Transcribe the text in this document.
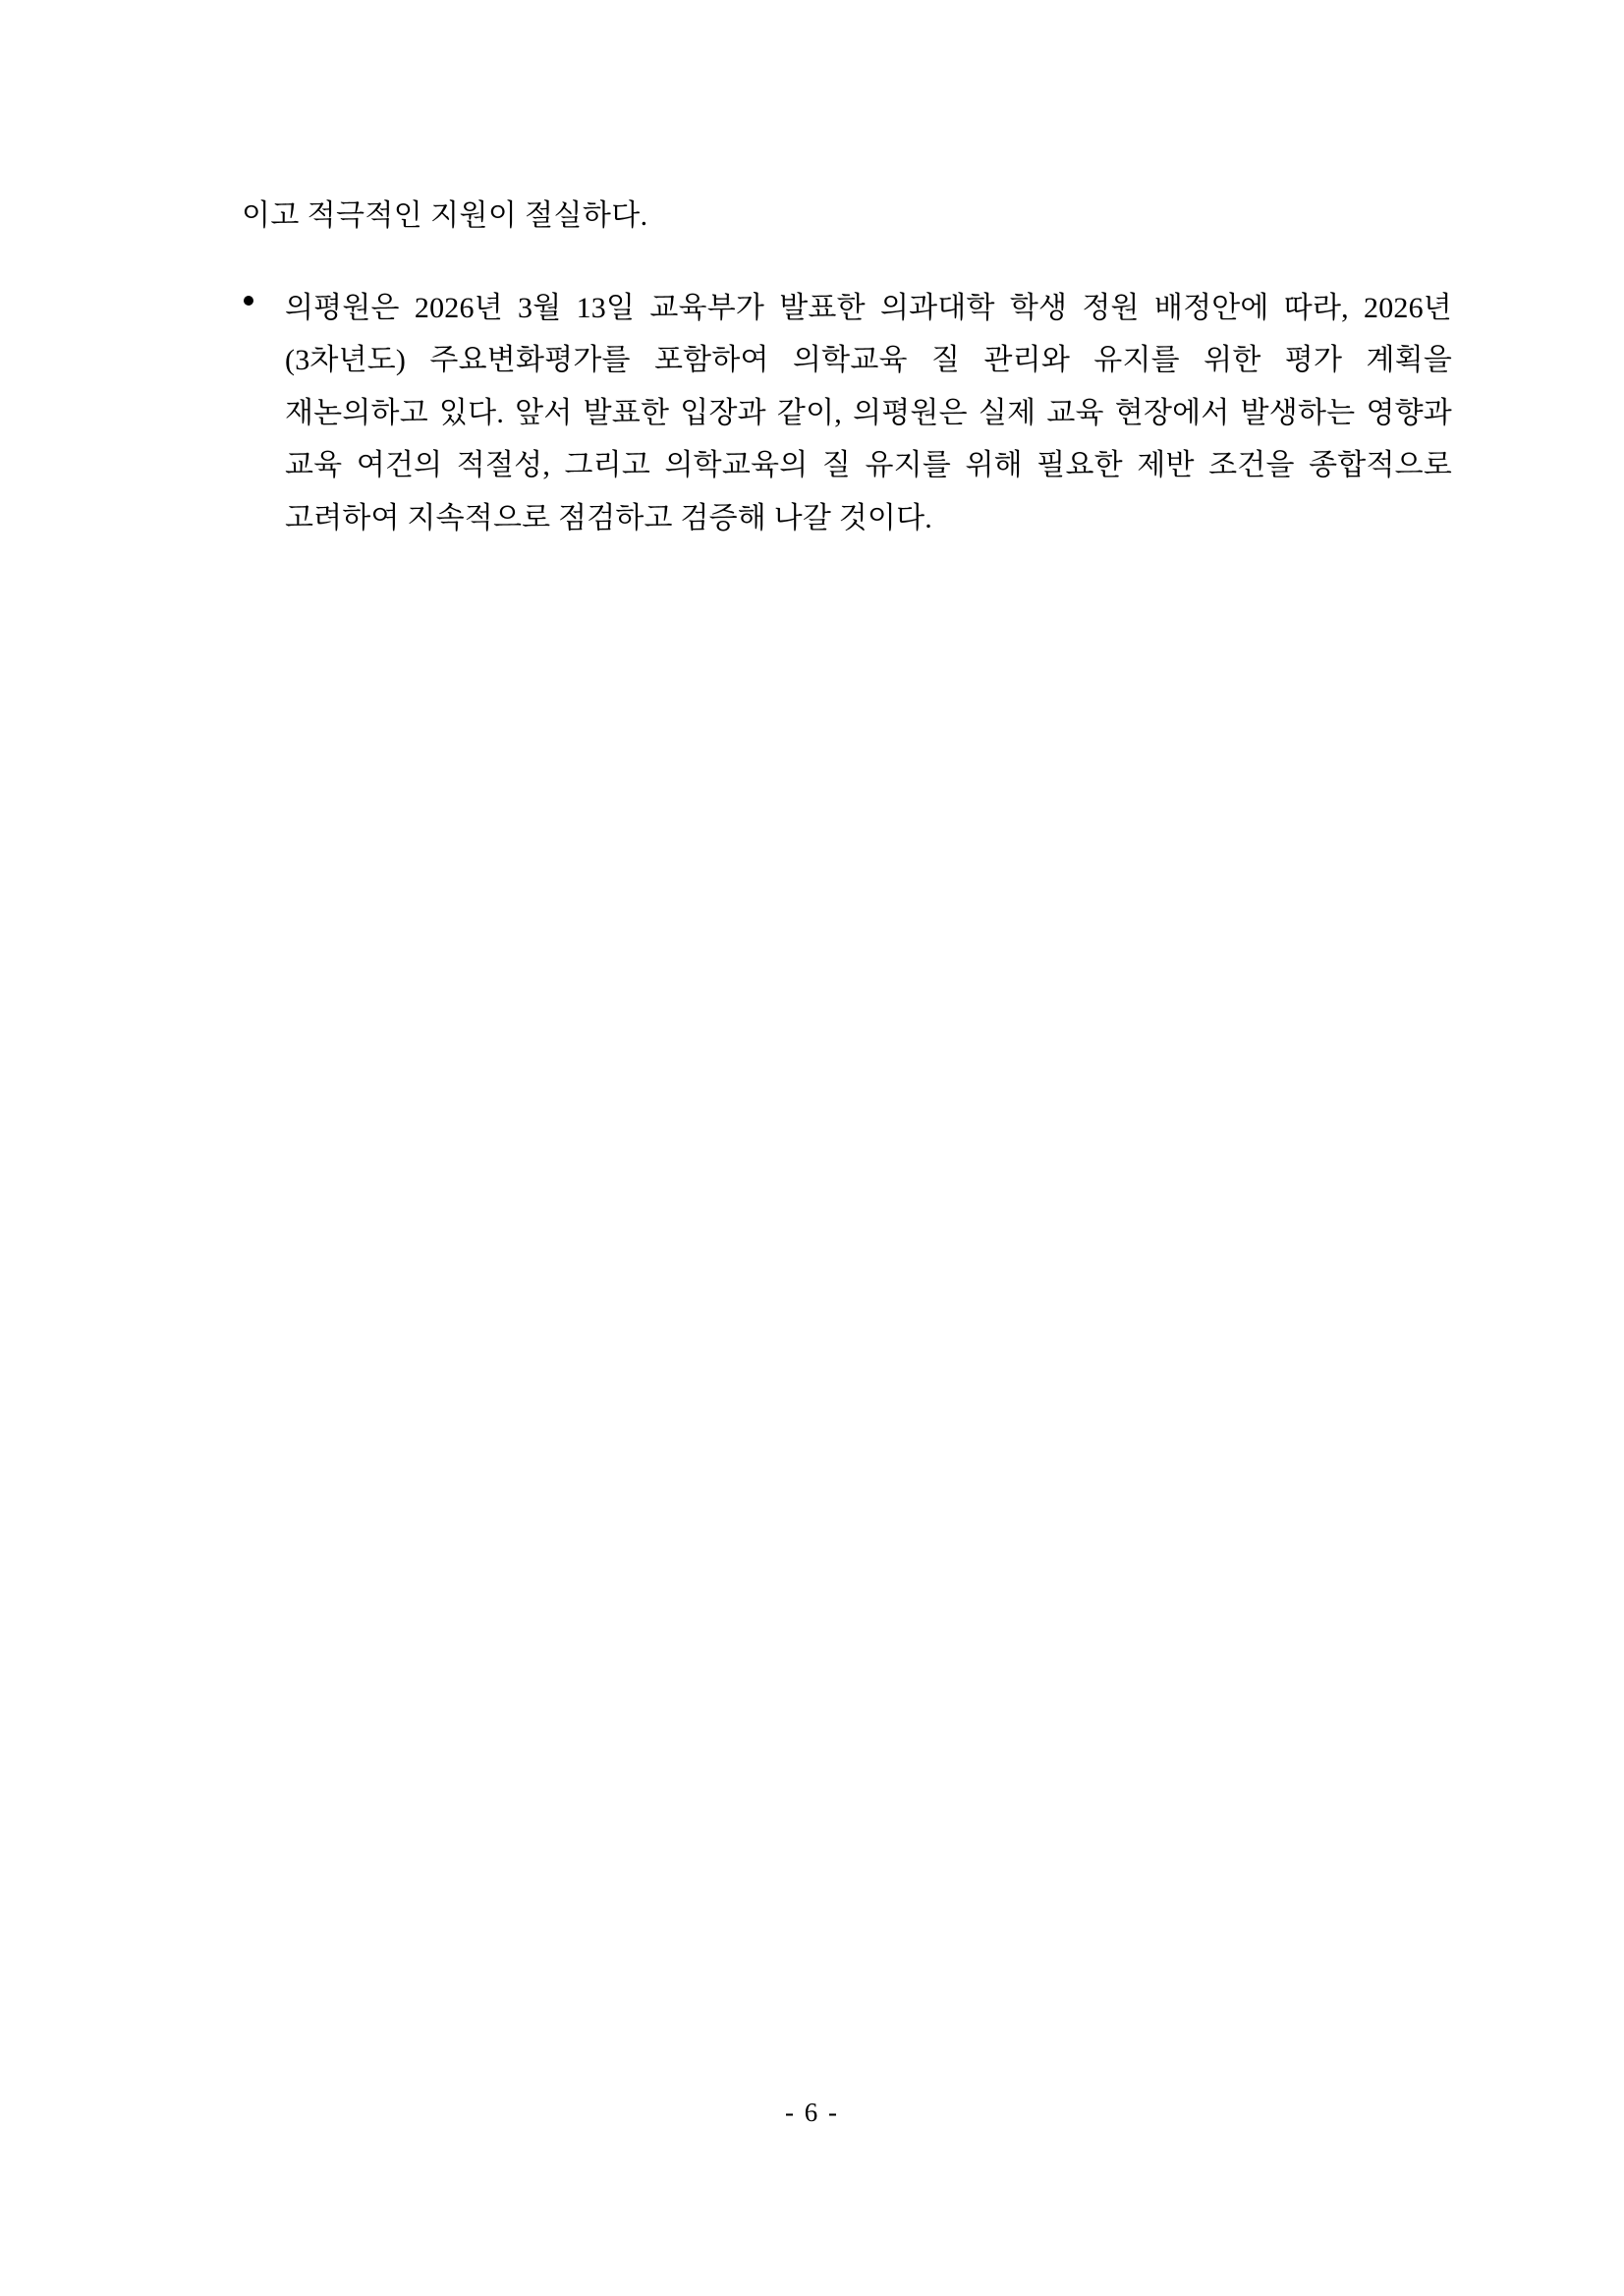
이고 적극적인 지원이 절실하다.

의평원은 2026년 3월 13일 교육부가 발표한 의과대학 학생 정원 배정안에 따라, 2026년(3차년도) 주요변화평가를 포함하여 의학교육 질 관리와 유지를 위한 평가 계획을 재논의하고 있다. 앞서 발표한 입장과 같이, 의평원은 실제 교육 현장에서 발생하는 영향과 교육 여건의 적절성, 그리고 의학교육의 질 유지를 위해 필요한 제반 조건을 종합적으로 고려하여 지속적으로 점검하고 검증해 나갈 것이다.

- 6 -
